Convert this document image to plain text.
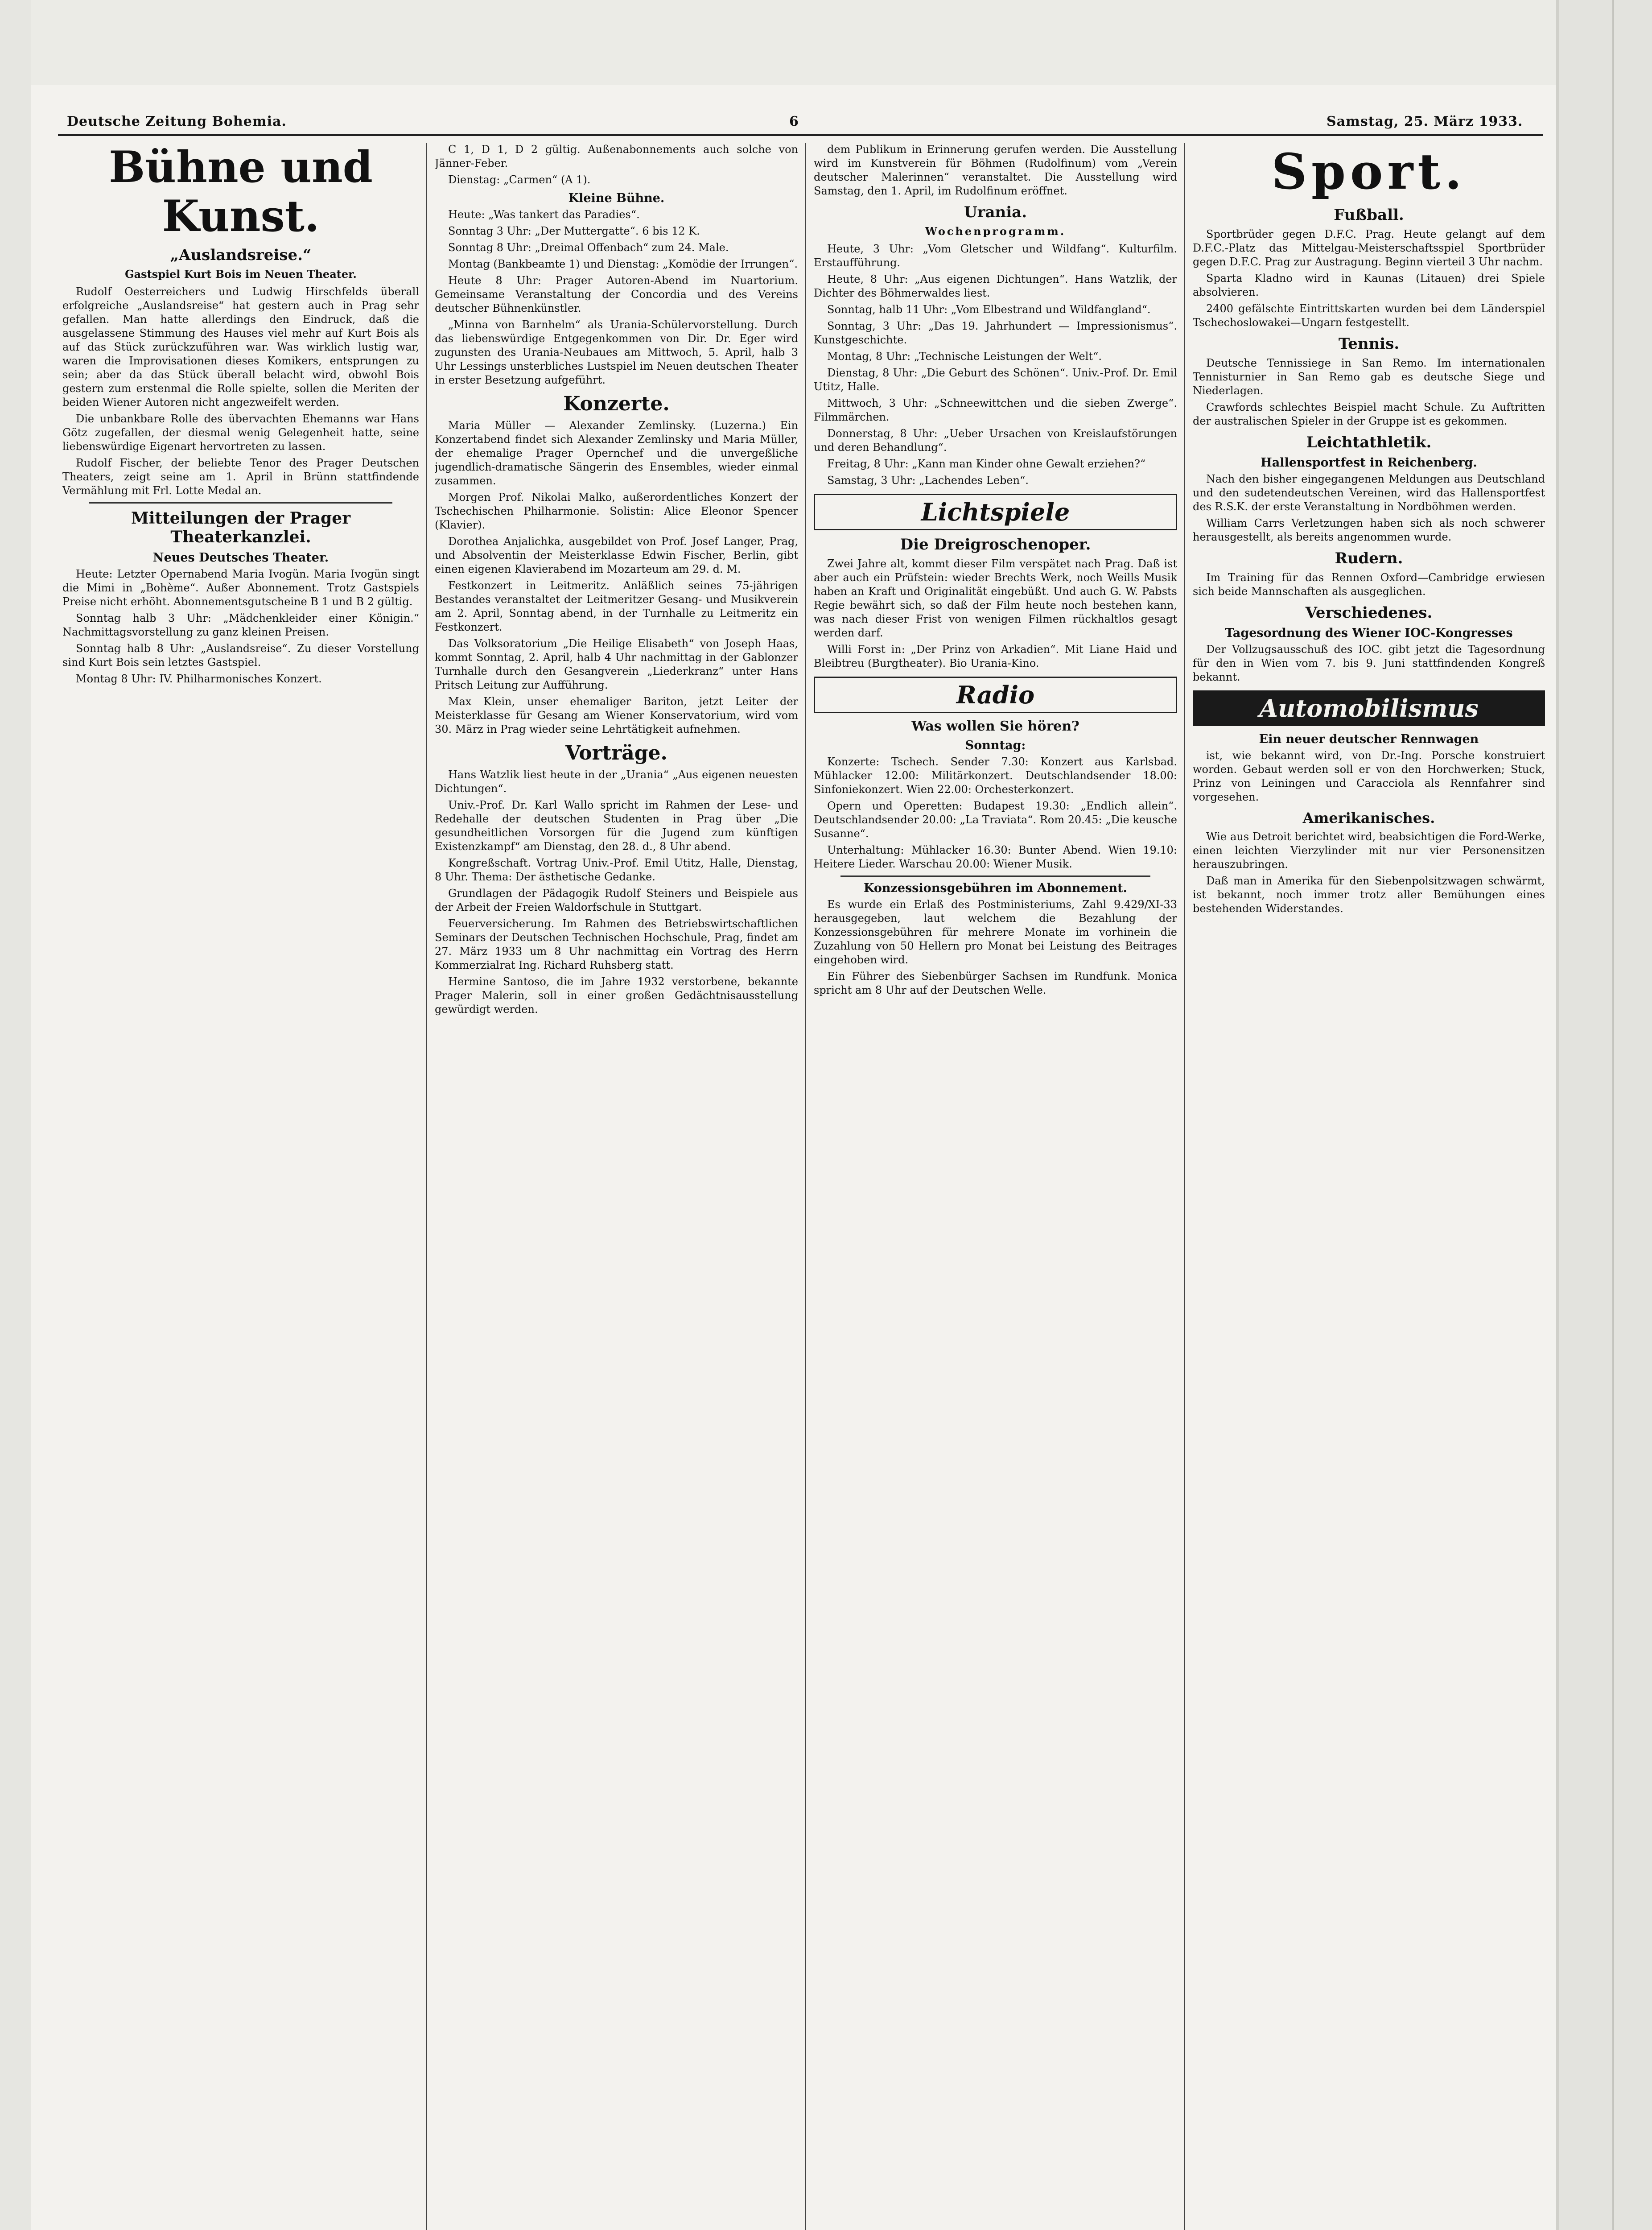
Deutsche Zeitung Bohemia.	6	Samstag, 25. März 1933.
Bühne und Kunst.
„Auslandsreise.“
Gastspiel Kurt Bois im Neuen Theater.

Rudolf Oesterreichers und Ludwig Hirschfelds überall erfolgreiche „Auslandsreise“ hat gestern auch in Prag sehr gefallen. Man hatte allerdings den Eindruck, daß die ausgelassene Stimmung des Hauses viel mehr auf Kurt Bois als auf das Stück zurückzuführen war. Was wirklich lustig war, waren die Improvisationen dieses Komikers, entsprungen zu sein; aber da das Stück überall belacht wird, obwohl Bois gestern zum erstenmal die Rolle spielte, sollen die Meriten der beiden Wiener Autoren nicht angezweifelt werden.

Die unbankbare Rolle des übervachten Ehemanns war Hans Götz zugefallen, der diesmal wenig Gelegenheit hatte, seine liebenswürdige Eigenart hervortreten zu lassen.

Rudolf Fischer, der beliebte Tenor des Prager Deutschen Theaters, zeigt seine am 1. April in Brünn stattfindende Vermählung mit Frl. Lotte Medal an.

Mitteilungen der Prager Theaterkanzlei.
Neues Deutsches Theater.

Heute: Letzter Opernabend Maria Ivogün. Maria Ivogün singt die Mimi in „Bohème“. Außer Abonnement. Trotz Gastspiels Preise nicht erhöht. Abonnementsgutscheine B 1 und B 2 gültig.

Sonntag halb 3 Uhr: „Mädchenkleider einer Königin.“ Nachmittagsvorstellung zu ganz kleinen Preisen.

Sonntag halb 8 Uhr: „Auslandsreise“. Zu dieser Vorstellung sind Kurt Bois sein letztes Gastspiel.

Montag 8 Uhr: IV. Philharmonisches Konzert.

C 1, D 1, D 2 gültig. Außenabonnements auch solche von Jänner-Feber.

Dienstag: „Carmen“ (A 1).

Kleine Bühne.

Heute: „Was tankert das Paradies“.

Sonntag 3 Uhr: „Der Muttergatte“. 6 bis 12 K.

Sonntag 8 Uhr: „Dreimal Offenbach“ zum 24. Male.

Montag (Bankbeamte 1) und Dienstag: „Komödie der Irrungen“.

Heute 8 Uhr: Prager Autoren-Abend im Nuartorium. Gemeinsame Veranstaltung der Concordia und des Vereins deutscher Bühnenkünstler.

„Minna von Barnhelm“ als Urania-Schülervorstellung. Durch das liebenswürdige Entgegenkommen von Dir. Dr. Eger wird zugunsten des Urania-Neubaues am Mittwoch, 5. April, halb 3 Uhr Lessings unsterbliches Lustspiel im Neuen deutschen Theater in erster Besetzung aufgeführt.

Konzerte.

Maria Müller — Alexander Zemlinsky. (Luzerna.) Ein Konzertabend findet sich Alexander Zemlinsky und Maria Müller, der ehemalige Prager Opernchef und die unvergeßliche jugendlich-dramatische Sängerin des Ensembles, wieder einmal zusammen.

Morgen Prof. Nikolai Malko, außerordentliches Konzert der Tschechischen Philharmonie. Solistin: Alice Eleonor Spencer (Klavier).

Dorothea Anjalichka, ausgebildet von Prof. Josef Langer, Prag, und Absolventin der Meisterklasse Edwin Fischer, Berlin, gibt einen eigenen Klavierabend im Mozarteum am 29. d. M.

Festkonzert in Leitmeritz. Anläßlich seines 75-jährigen Bestandes veranstaltet der Leitmeritzer Gesang- und Musikverein am 2. April, Sonntag abend, in der Turnhalle zu Leitmeritz ein Festkonzert.

Das Volksoratorium „Die Heilige Elisabeth“ von Joseph Haas, kommt Sonntag, 2. April, halb 4 Uhr nachmittag in der Gablonzer Turnhalle durch den Gesangverein „Liederkranz“ unter Hans Pritsch Leitung zur Aufführung.

Max Klein, unser ehemaliger Bariton, jetzt Leiter der Meisterklasse für Gesang am Wiener Konservatorium, wird vom 30. März in Prag wieder seine Lehrtätigkeit aufnehmen.

Vorträge.

Hans Watzlik liest heute in der „Urania“ „Aus eigenen neuesten Dichtungen“.

Univ.-Prof. Dr. Karl Wallo spricht im Rahmen der Lese- und Redehalle der deutschen Studenten in Prag über „Die gesundheitlichen Vorsorgen für die Jugend zum künftigen Existenzkampf“ am Dienstag, den 28. d., 8 Uhr abend.

Kongreßschaft. Vortrag Univ.-Prof. Emil Utitz, Halle, Dienstag, 8 Uhr. Thema: Der ästhetische Gedanke.

Grundlagen der Pädagogik Rudolf Steiners und Beispiele aus der Arbeit der Freien Waldorfschule in Stuttgart.

Feuerversicherung. Im Rahmen des Betriebswirtschaftlichen Seminars der Deutschen Technischen Hochschule, Prag, findet am 27. März 1933 um 8 Uhr nachmittag ein Vortrag des Herrn Kommerzialrat Ing. Richard Ruhsberg statt.

Hermine Santoso, die im Jahre 1932 verstorbene, bekannte Prager Malerin, soll in einer großen Gedächtnisausstellung gewürdigt werden.

dem Publikum in Erinnerung gerufen werden. Die Ausstellung wird im Kunstverein für Böhmen (Rudolfinum) vom „Verein deutscher Malerinnen“ veranstaltet. Die Ausstellung wird Samstag, den 1. April, im Rudolfinum eröffnet.

Urania.
Wochenprogramm.

Heute, 3 Uhr: „Vom Gletscher und Wildfang“. Kulturfilm. Erstaufführung.

Heute, 8 Uhr: „Aus eigenen Dichtungen“. Hans Watzlik, der Dichter des Böhmerwaldes liest.

Sonntag, halb 11 Uhr: „Vom Elbestrand und Wildfangland“.

Sonntag, 3 Uhr: „Das 19. Jahrhundert — Impressionismus“. Kunstgeschichte.

Montag, 8 Uhr: „Technische Leistungen der Welt“.

Dienstag, 8 Uhr: „Die Geburt des Schönen“. Univ.-Prof. Dr. Emil Utitz, Halle.

Mittwoch, 3 Uhr: „Schneewittchen und die sieben Zwerge“. Filmmärchen.

Donnerstag, 8 Uhr: „Ueber Ursachen von Kreislaufstörungen und deren Behandlung“.

Freitag, 8 Uhr: „Kann man Kinder ohne Gewalt erziehen?“

Samstag, 3 Uhr: „Lachendes Leben“.

Lichtspiele
Die Dreigroschenoper.

Zwei Jahre alt, kommt dieser Film verspätet nach Prag. Daß ist aber auch ein Prüfstein: wieder Brechts Werk, noch Weills Musik haben an Kraft und Originalität eingebüßt. Und auch G. W. Pabsts Regie bewährt sich, so daß der Film heute noch bestehen kann, was nach dieser Frist von wenigen Filmen rückhaltlos gesagt werden darf.

Willi Forst in: „Der Prinz von Arkadien“. Mit Liane Haid und Bleibtreu (Burgtheater). Bio Urania-Kino.

Radio
Was wollen Sie hören?
Sonntag:

Konzerte: Tschech. Sender 7.30: Konzert aus Karlsbad. Mühlacker 12.00: Militärkonzert. Deutschlandsender 18.00: Sinfoniekonzert. Wien 22.00: Orchesterkonzert.

Opern und Operetten: Budapest 19.30: „Endlich allein“. Deutschlandsender 20.00: „La Traviata“. Rom 20.45: „Die keusche Susanne“.

Unterhaltung: Mühlacker 16.30: Bunter Abend. Wien 19.10: Heitere Lieder. Warschau 20.00: Wiener Musik.

Konzessionsgebühren im Abonnement.

Es wurde ein Erlaß des Postministeriums, Zahl 9.429/XI-33 herausgegeben, laut welchem die Bezahlung der Konzessionsgebühren für mehrere Monate im vorhinein die Zuzahlung von 50 Hellern pro Monat bei Leistung des Beitrages eingehoben wird.

Ein Führer des Siebenbürger Sachsen im Rundfunk. Monica spricht am 8 Uhr auf der Deutschen Welle.

Sport.
Fußball.

Sportbrüder gegen D.F.C. Prag. Heute gelangt auf dem D.F.C.-Platz das Mittelgau-Meisterschaftsspiel Sportbrüder gegen D.F.C. Prag zur Austragung. Beginn vierteil 3 Uhr nachm.

Sparta Kladno wird in Kaunas (Litauen) drei Spiele absolvieren.

2400 gefälschte Eintrittskarten wurden bei dem Länderspiel Tschechoslowakei—Ungarn festgestellt.

Tennis.

Deutsche Tennissiege in San Remo. Im internationalen Tennisturnier in San Remo gab es deutsche Siege und Niederlagen.

Crawfords schlechtes Beispiel macht Schule. Zu Auftritten der australischen Spieler in der Gruppe ist es gekommen.

Leichtathletik.
Hallensportfest in Reichenberg.

Nach den bisher eingegangenen Meldungen aus Deutschland und den sudetendeutschen Vereinen, wird das Hallensportfest des R.S.K. der erste Veranstaltung in Nordböhmen werden.

William Carrs Verletzungen haben sich als noch schwerer herausgestellt, als bereits angenommen wurde.

Rudern.

Im Training für das Rennen Oxford—Cambridge erwiesen sich beide Mannschaften als ausgeglichen.

Verschiedenes.
Tagesordnung des Wiener IOC-Kongresses

Der Vollzugsausschuß des IOC. gibt jetzt die Tagesordnung für den in Wien vom 7. bis 9. Juni stattfindenden Kongreß bekannt.

Automobilismus
Ein neuer deutscher Rennwagen

ist, wie bekannt wird, von Dr.-Ing. Porsche konstruiert worden. Gebaut werden soll er von den Horchwerken; Stuck, Prinz von Leiningen und Caracciola als Rennfahrer sind vorgesehen.

Amerikanisches.

Wie aus Detroit berichtet wird, beabsichtigen die Ford-Werke, einen leichten Vierzylinder mit nur vier Personensitzen herauszubringen.

Daß man in Amerika für den Siebenpolsitzwagen schwärmt, ist bekannt, noch immer trotz aller Bemühungen eines bestehenden Widerstandes.
